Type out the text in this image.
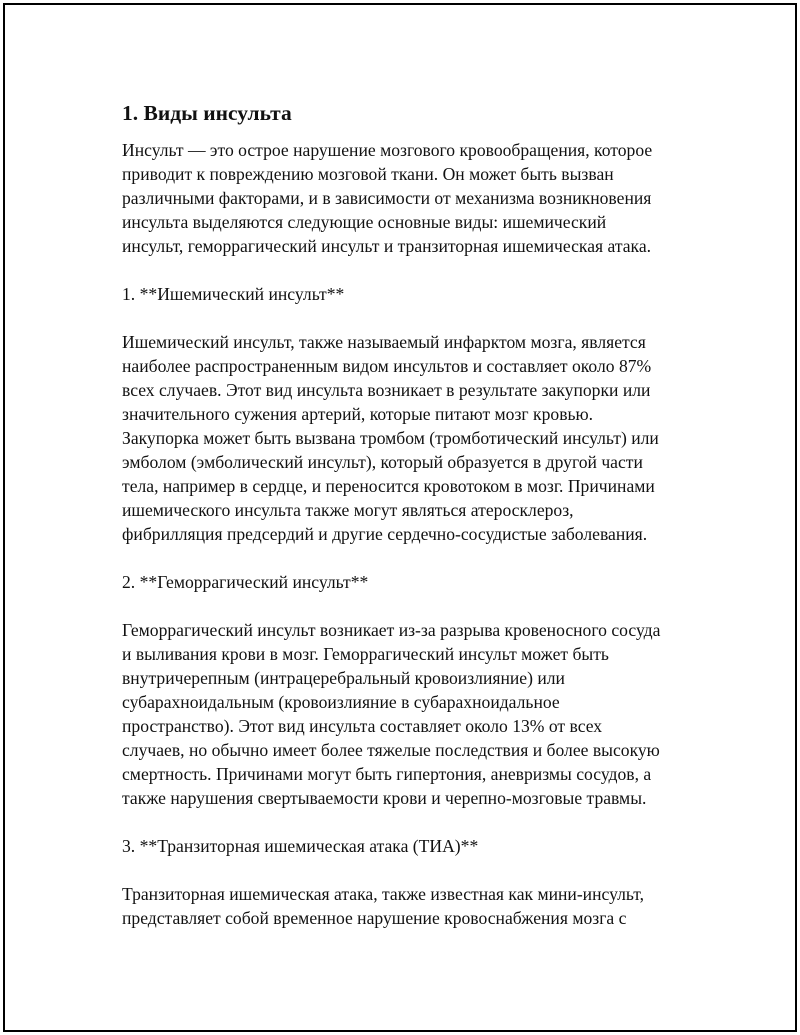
1. Виды инсульта

Инсульт — это острое нарушение мозгового кровообращения, которое
приводит к повреждению мозговой ткани. Он может быть вызван
различными факторами, и в зависимости от механизма возникновения
инсульта выделяются следующие основные виды: ишемический
инсульт, геморрагический инсульт и транзиторная ишемическая атака.

1. **Ишемический инсульт**

Ишемический инсульт, также называемый инфарктом мозга, является
наиболее распространенным видом инсультов и составляет около 87%
всех случаев. Этот вид инсульта возникает в результате закупорки или
значительного сужения артерий, которые питают мозг кровью.
Закупорка может быть вызвана тромбом (тромботический инсульт) или
эмболом (эмболический инсульт), который образуется в другой части
тела, например в сердце, и переносится кровотоком в мозг. Причинами
ишемического инсульта также могут являться атеросклероз,
фибрилляция предсердий и другие сердечно-сосудистые заболевания.

2. **Геморрагический инсульт**

Геморрагический инсульт возникает из-за разрыва кровеносного сосуда
и выливания крови в мозг. Геморрагический инсульт может быть
внутричерепным (интрацеребральный кровоизлияние) или
субарахноидальным (кровоизлияние в субарахноидальное
пространство). Этот вид инсульта составляет около 13% от всех
случаев, но обычно имеет более тяжелые последствия и более высокую
смертность. Причинами могут быть гипертония, аневризмы сосудов, а
также нарушения свертываемости крови и черепно-мозговые травмы.

3. **Транзиторная ишемическая атака (ТИА)**

Транзиторная ишемическая атака, также известная как мини-инсульт,
представляет собой временное нарушение кровоснабжения мозга с
